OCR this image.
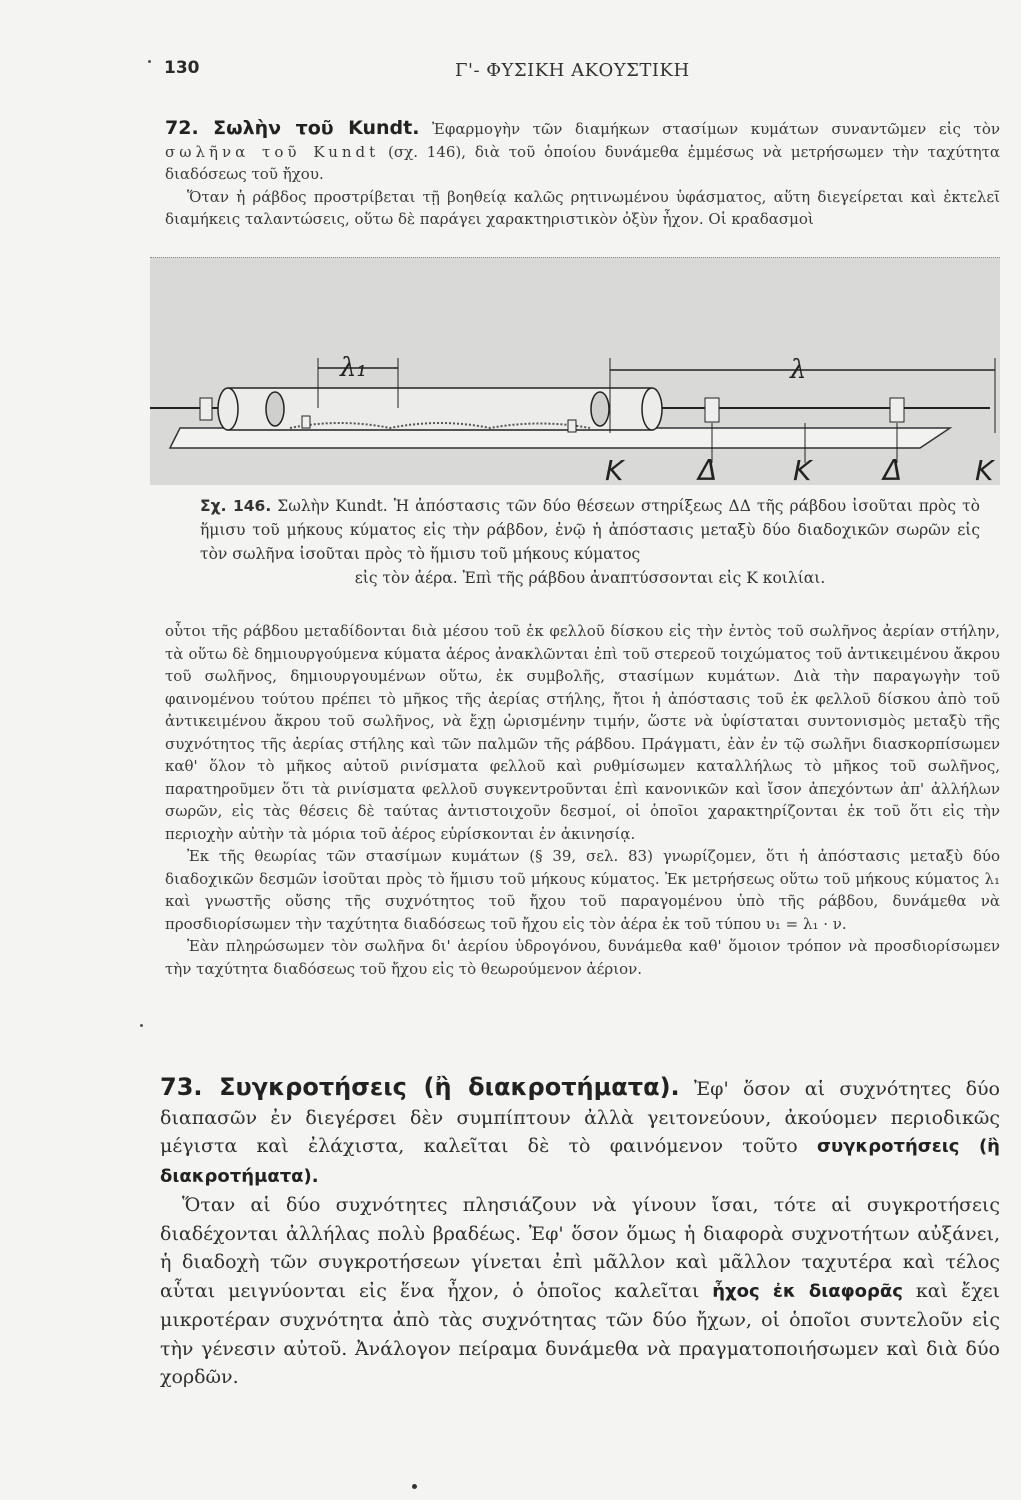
130	Γ'- ΦΥΣΙΚΗ ΑΚΟΥΣΤΙΚΗ

72. Σωλὴν τοῦ Kundt. Ἐφαρμογὴν τῶν διαμήκων στασίμων κυμάτων συναντῶμεν εἰς τὸν σωλῆνα τοῦ Kundt (σχ. 146), διὰ τοῦ ὁποίου δυνάμεθα ἐμμέσως νὰ μετρήσωμεν τὴν ταχύτητα διαδόσεως τοῦ ἤχου.

Ὅταν ἡ ράβδος προστρίβεται τῇ βοηθείᾳ καλῶς ρητινωμένου ὑφάσματος, αὕτη διεγείρεται καὶ ἐκτελεῖ διαμήκεις ταλαντώσεις, οὕτω δὲ παράγει χαρακτηριστικὸν ὀξὺν ἦχον. Οἱ κραδασμοὶ

λ₁	λ
K	Δ	K	Δ	K
Σχ. 146. Σωλὴν Kundt. Ἡ ἀπόστασις τῶν δύο θέσεων στηρίξεως ΔΔ τῆς ράβδου ἰσοῦται πρὸς τὸ ἥμισυ τοῦ μήκους κύματος εἰς τὴν ράβδον, ἐνῷ ἡ ἀπόστασις μεταξὺ δύο διαδοχικῶν σωρῶν εἰς τὸν σωλῆνα ἰσοῦται πρὸς τὸ ἥμισυ τοῦ μήκους κύματος
εἰς τὸν ἀέρα. Ἐπὶ τῆς ράβδου ἀναπτύσσονται εἰς Κ κοιλίαι.

οὗτοι τῆς ράβδου μεταδίδονται διὰ μέσου τοῦ ἐκ φελλοῦ δίσκου εἰς τὴν ἐντὸς τοῦ σωλῆνος ἀερίαν στήλην, τὰ οὕτω δὲ δημιουργούμενα κύματα ἀέρος ἀνακλῶνται ἐπὶ τοῦ στερεοῦ τοιχώματος τοῦ ἀντικειμένου ἄκρου τοῦ σωλῆνος, δημιουργουμένων οὕτω, ἐκ συμβολῆς, στασίμων κυμάτων. Διὰ τὴν παραγωγὴν τοῦ φαινομένου τούτου πρέπει τὸ μῆκος τῆς ἀερίας στήλης, ἤτοι ἡ ἀπόστασις τοῦ ἐκ φελλοῦ δίσκου ἀπὸ τοῦ ἀντικειμένου ἄκρου τοῦ σωλῆνος, νὰ ἔχῃ ὡρισμένην τιμήν, ὥστε νὰ ὑφίσταται συντονισμὸς μεταξὺ τῆς συχνότητος τῆς ἀερίας στήλης καὶ τῶν παλμῶν τῆς ράβδου. Πράγματι, ἐὰν ἐν τῷ σωλῆνι διασκορπίσωμεν καθ' ὅλον τὸ μῆκος αὐτοῦ ρινίσματα φελλοῦ καὶ ρυθμίσωμεν καταλλήλως τὸ μῆκος τοῦ σωλῆνος, παρατηροῦμεν ὅτι τὰ ρινίσματα φελλοῦ συγκεντροῦνται ἐπὶ κανονικῶν καὶ ἴσον ἀπεχόντων ἀπ' ἀλλήλων σωρῶν, εἰς τὰς θέσεις δὲ ταύτας ἀντιστοιχοῦν δεσμοί, οἱ ὁποῖοι χαρακτηρίζονται ἐκ τοῦ ὅτι εἰς τὴν περιοχὴν αὐτὴν τὰ μόρια τοῦ ἀέρος εὑρίσκονται ἐν ἀκινησίᾳ.

Ἐκ τῆς θεωρίας τῶν στασίμων κυμάτων (§ 39, σελ. 83) γνωρίζομεν, ὅτι ἡ ἀπόστασις μεταξὺ δύο διαδοχικῶν δεσμῶν ἰσοῦται πρὸς τὸ ἥμισυ τοῦ μήκους κύματος. Ἐκ μετρήσεως οὕτω τοῦ μήκους κύματος λ₁ καὶ γνωστῆς οὔσης τῆς συχνότητος τοῦ ἤχου τοῦ παραγομένου ὑπὸ τῆς ράβδου, δυνάμεθα νὰ προσδιορίσωμεν τὴν ταχύτητα διαδόσεως τοῦ ἤχου εἰς τὸν ἀέρα ἐκ τοῦ τύπου υ₁ = λ₁ · ν.

Ἐὰν πληρώσωμεν τὸν σωλῆνα δι' ἀερίου ὑδρογόνου, δυνάμεθα καθ' ὅμοιον τρόπον νὰ προσδιορίσωμεν τὴν ταχύτητα διαδόσεως τοῦ ἤχου εἰς τὸ θεωρούμενον ἀέριον.

73. Συγκροτήσεις (ἢ διακροτήματα). Ἐφ' ὅσον αἱ συχνότητες δύο διαπασῶν ἐν διεγέρσει δὲν συμπίπτουν ἀλλὰ γειτονεύουν, ἀκούομεν περιοδικῶς μέγιστα καὶ ἐλάχιστα, καλεῖται δὲ τὸ φαινόμενον τοῦτο συγκροτήσεις (ἢ διακροτήματα).

Ὅταν αἱ δύο συχνότητες πλησιάζουν νὰ γίνουν ἴσαι, τότε αἱ συγκροτήσεις διαδέχονται ἀλλήλας πολὺ βραδέως. Ἐφ' ὅσον ὅμως ἡ διαφορὰ συχνοτήτων αὐξάνει, ἡ διαδοχὴ τῶν συγκροτήσεων γίνεται ἐπὶ μᾶλλον καὶ μᾶλλον ταχυτέρα καὶ τέλος αὗται μειγνύονται εἰς ἕνα ἦχον, ὁ ὁποῖος καλεῖται ἦχος ἐκ διαφορᾶς καὶ ἔχει μικροτέραν συχνότητα ἀπὸ τὰς συχνότητας τῶν δύο ἤχων, οἱ ὁποῖοι συντελοῦν εἰς τὴν γένεσιν αὐτοῦ. Ἀνάλογον πείραμα δυνάμεθα νὰ πραγματοποιήσωμεν καὶ διὰ δύο χορδῶν.
